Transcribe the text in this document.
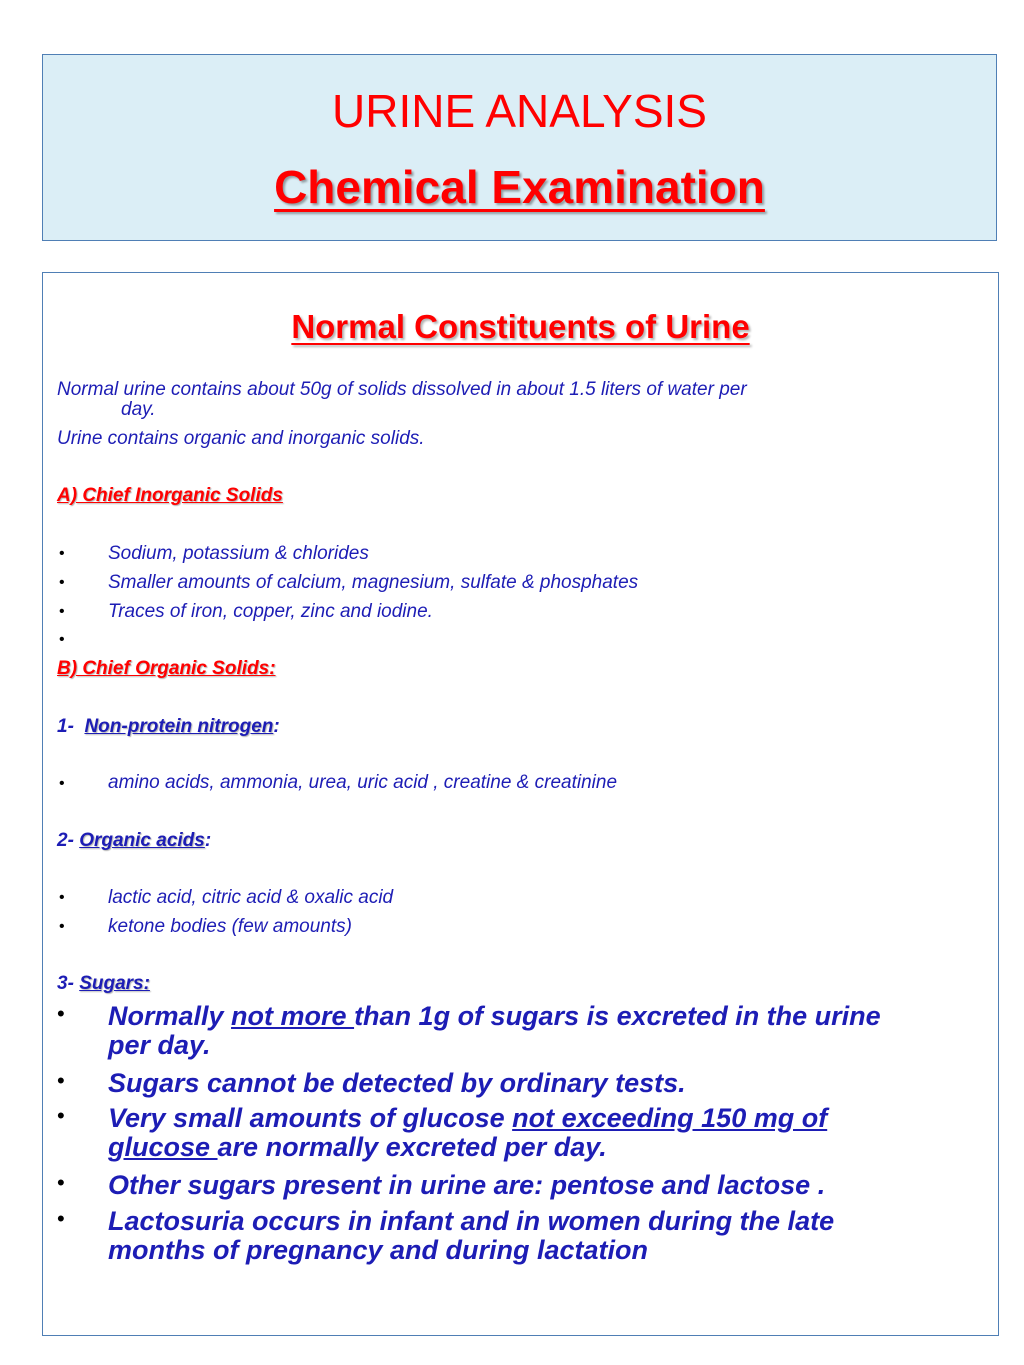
URINE ANALYSIS
Chemical Examination
Normal Constituents of Urine
Normal urine contains about 50g of solids dissolved in about 1.5 liters of water per
day.
Urine contains organic and inorganic solids.
A) Chief Inorganic Solids
• Sodium, potassium & chlorides
• Smaller amounts of calcium, magnesium, sulfate & phosphates
• Traces of iron, copper, zinc and iodine.
•
B) Chief Organic Solids:
1-  Non-protein nitrogen:
• amino acids, ammonia, urea, uric acid , creatine & creatinine
2- Organic acids:
• lactic acid, citric acid & oxalic acid
• ketone bodies (few amounts)
3- Sugars:
• Normally not more than 1g of sugars is excreted in the urine
per day.
• Sugars cannot be detected by ordinary tests.
• Very small amounts of glucose not exceeding 150 mg of
glucose are normally excreted per day.
• Other sugars present in urine are: pentose and lactose .
• Lactosuria occurs in infant and in women during the late
months of pregnancy and during lactation
